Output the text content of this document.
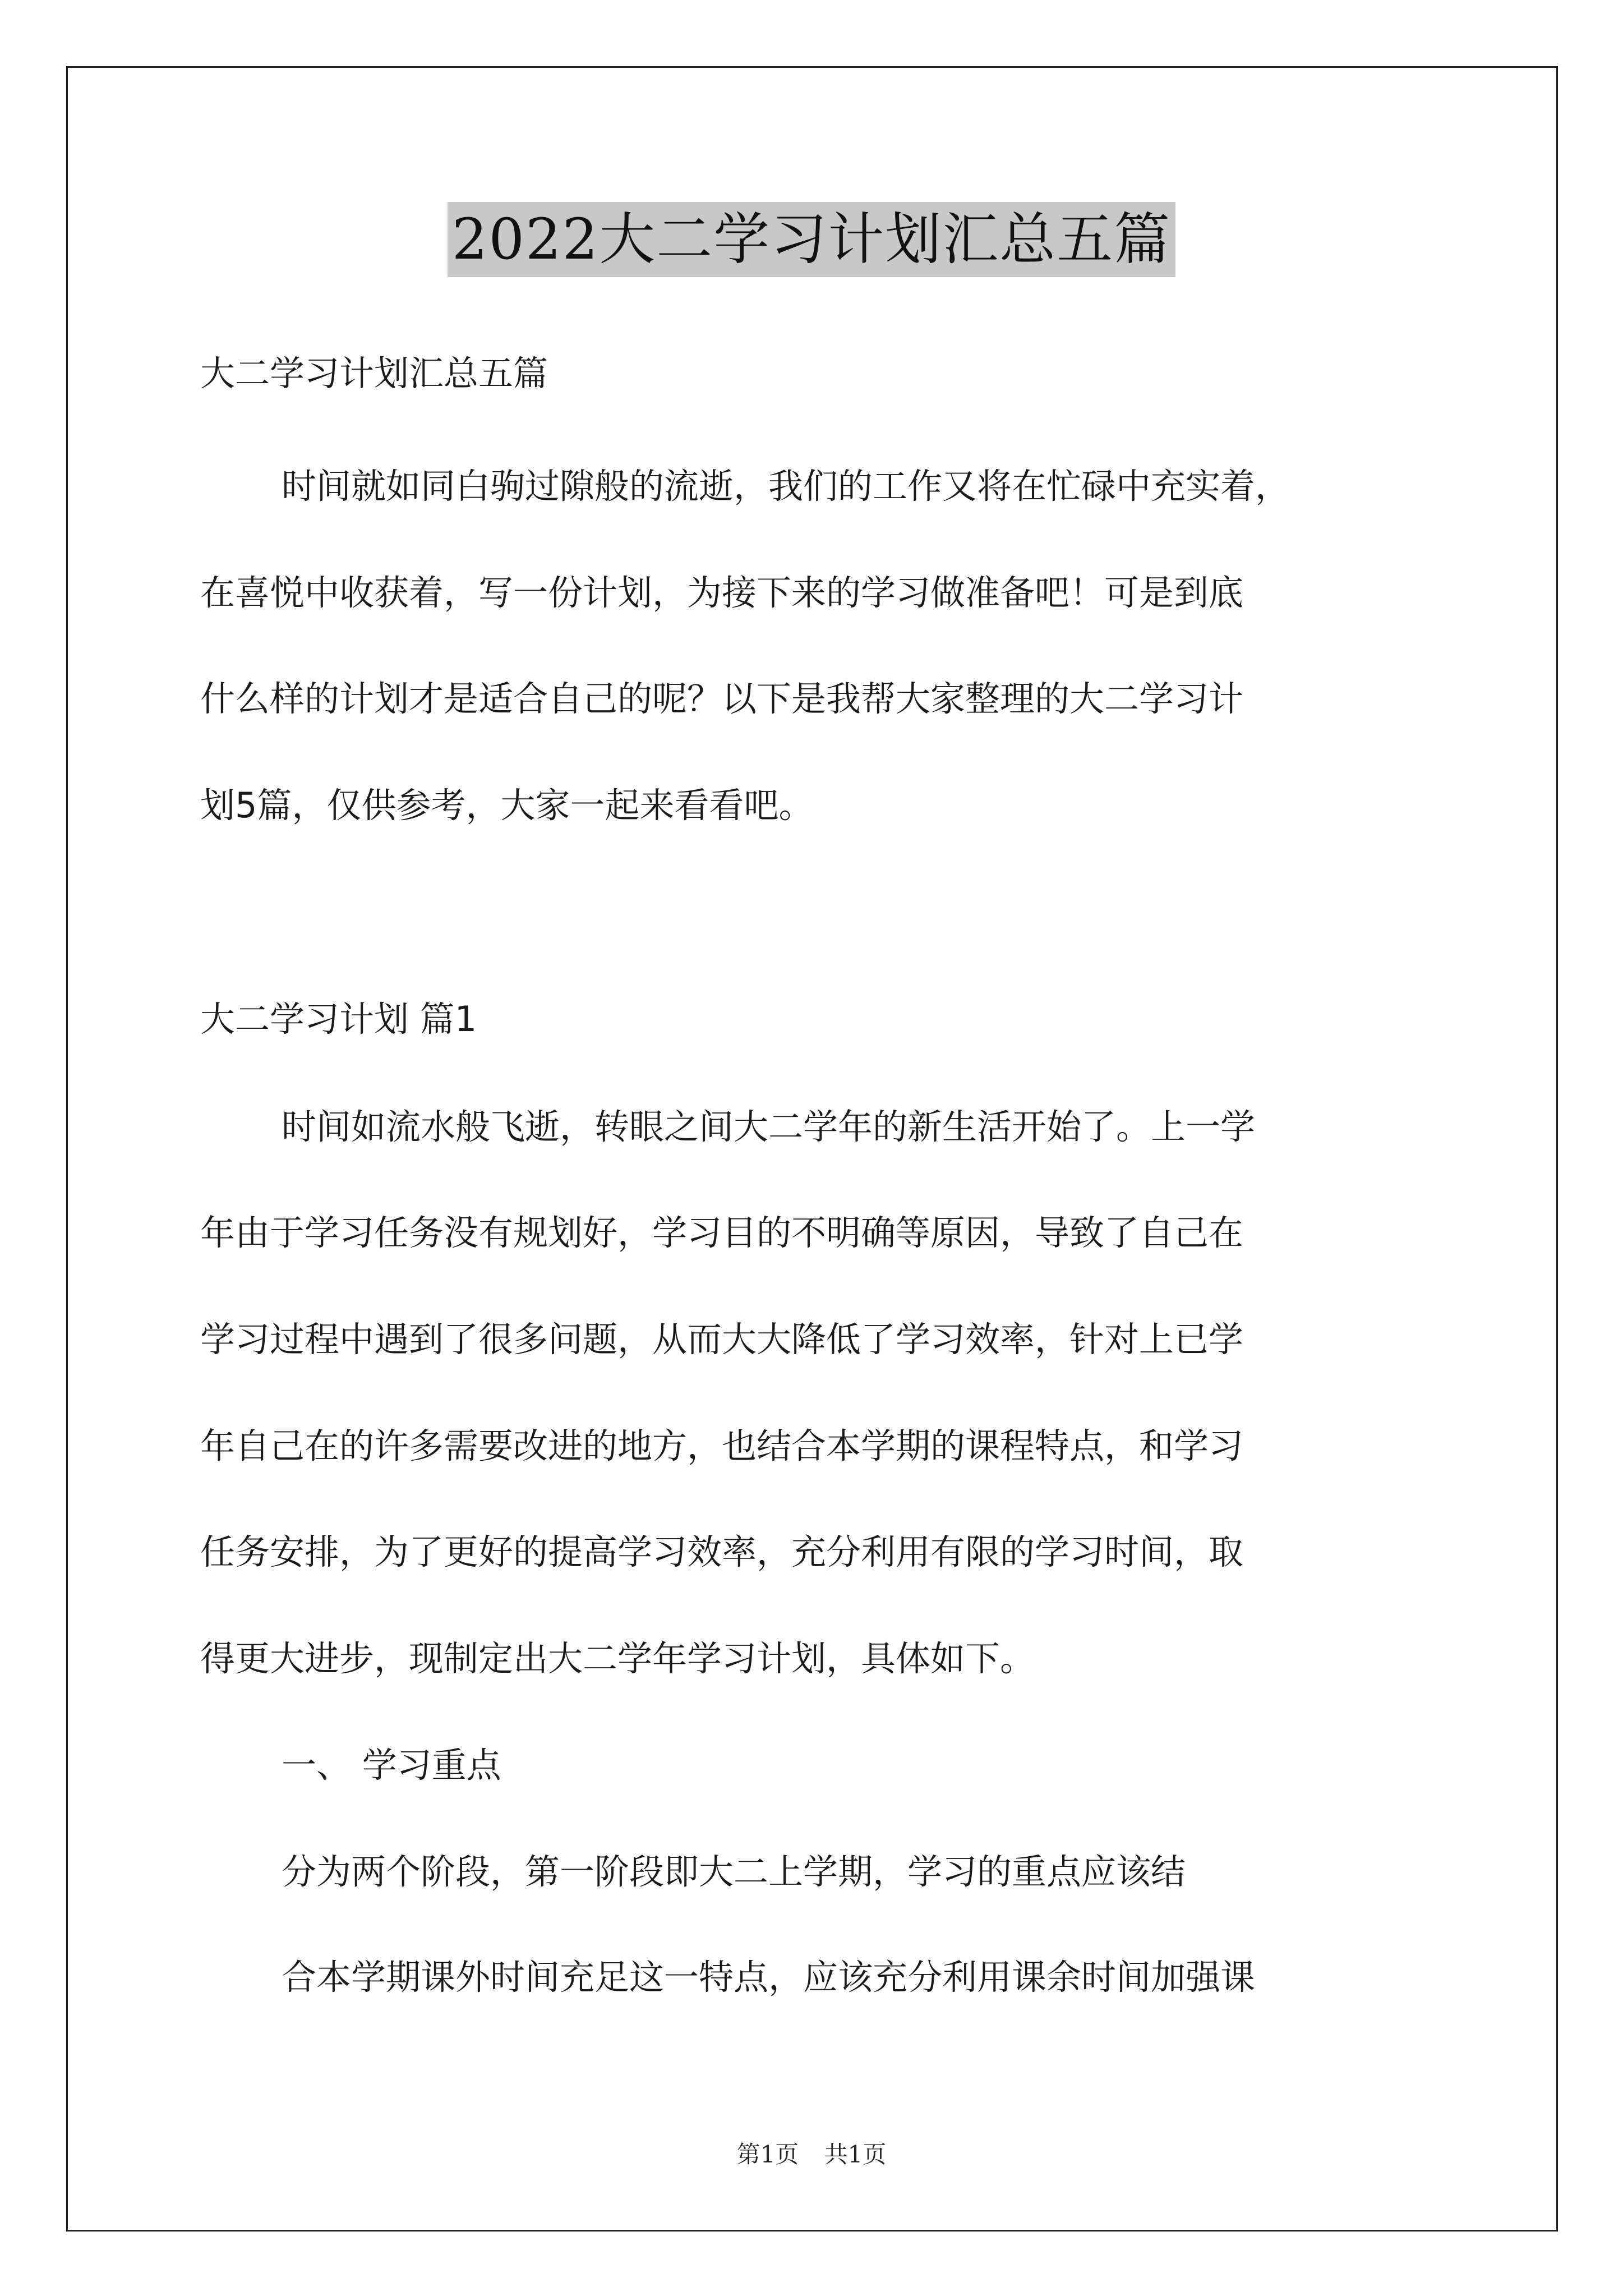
2022大二学习计划汇总五篇
大二学习计划汇总五篇
时间就如同白驹过隙般的流逝，我们的工作又将在忙碌中充实着，
在喜悦中收获着，写一份计划，为接下来的学习做准备吧！可是到底
什么样的计划才是适合自己的呢？以下是我帮大家整理的大二学习计
划5篇，仅供参考，大家一起来看看吧。
大二学习计划 篇1
时间如流水般飞逝，转眼之间大二学年的新生活开始了。上一学
年由于学习任务没有规划好，学习目的不明确等原因，导致了自己在
学习过程中遇到了很多问题，从而大大降低了学习效率，针对上已学
年自己在的许多需要改进的地方，也结合本学期的课程特点，和学习
任务安排，为了更好的提高学习效率，充分利用有限的学习时间，取
得更大进步，现制定出大二学年学习计划，具体如下。
一、 学习重点
分为两个阶段，第一阶段即大二上学期，学习的重点应该结
合本学期课外时间充足这一特点，应该充分利用课余时间加强课
第1页 共1页
